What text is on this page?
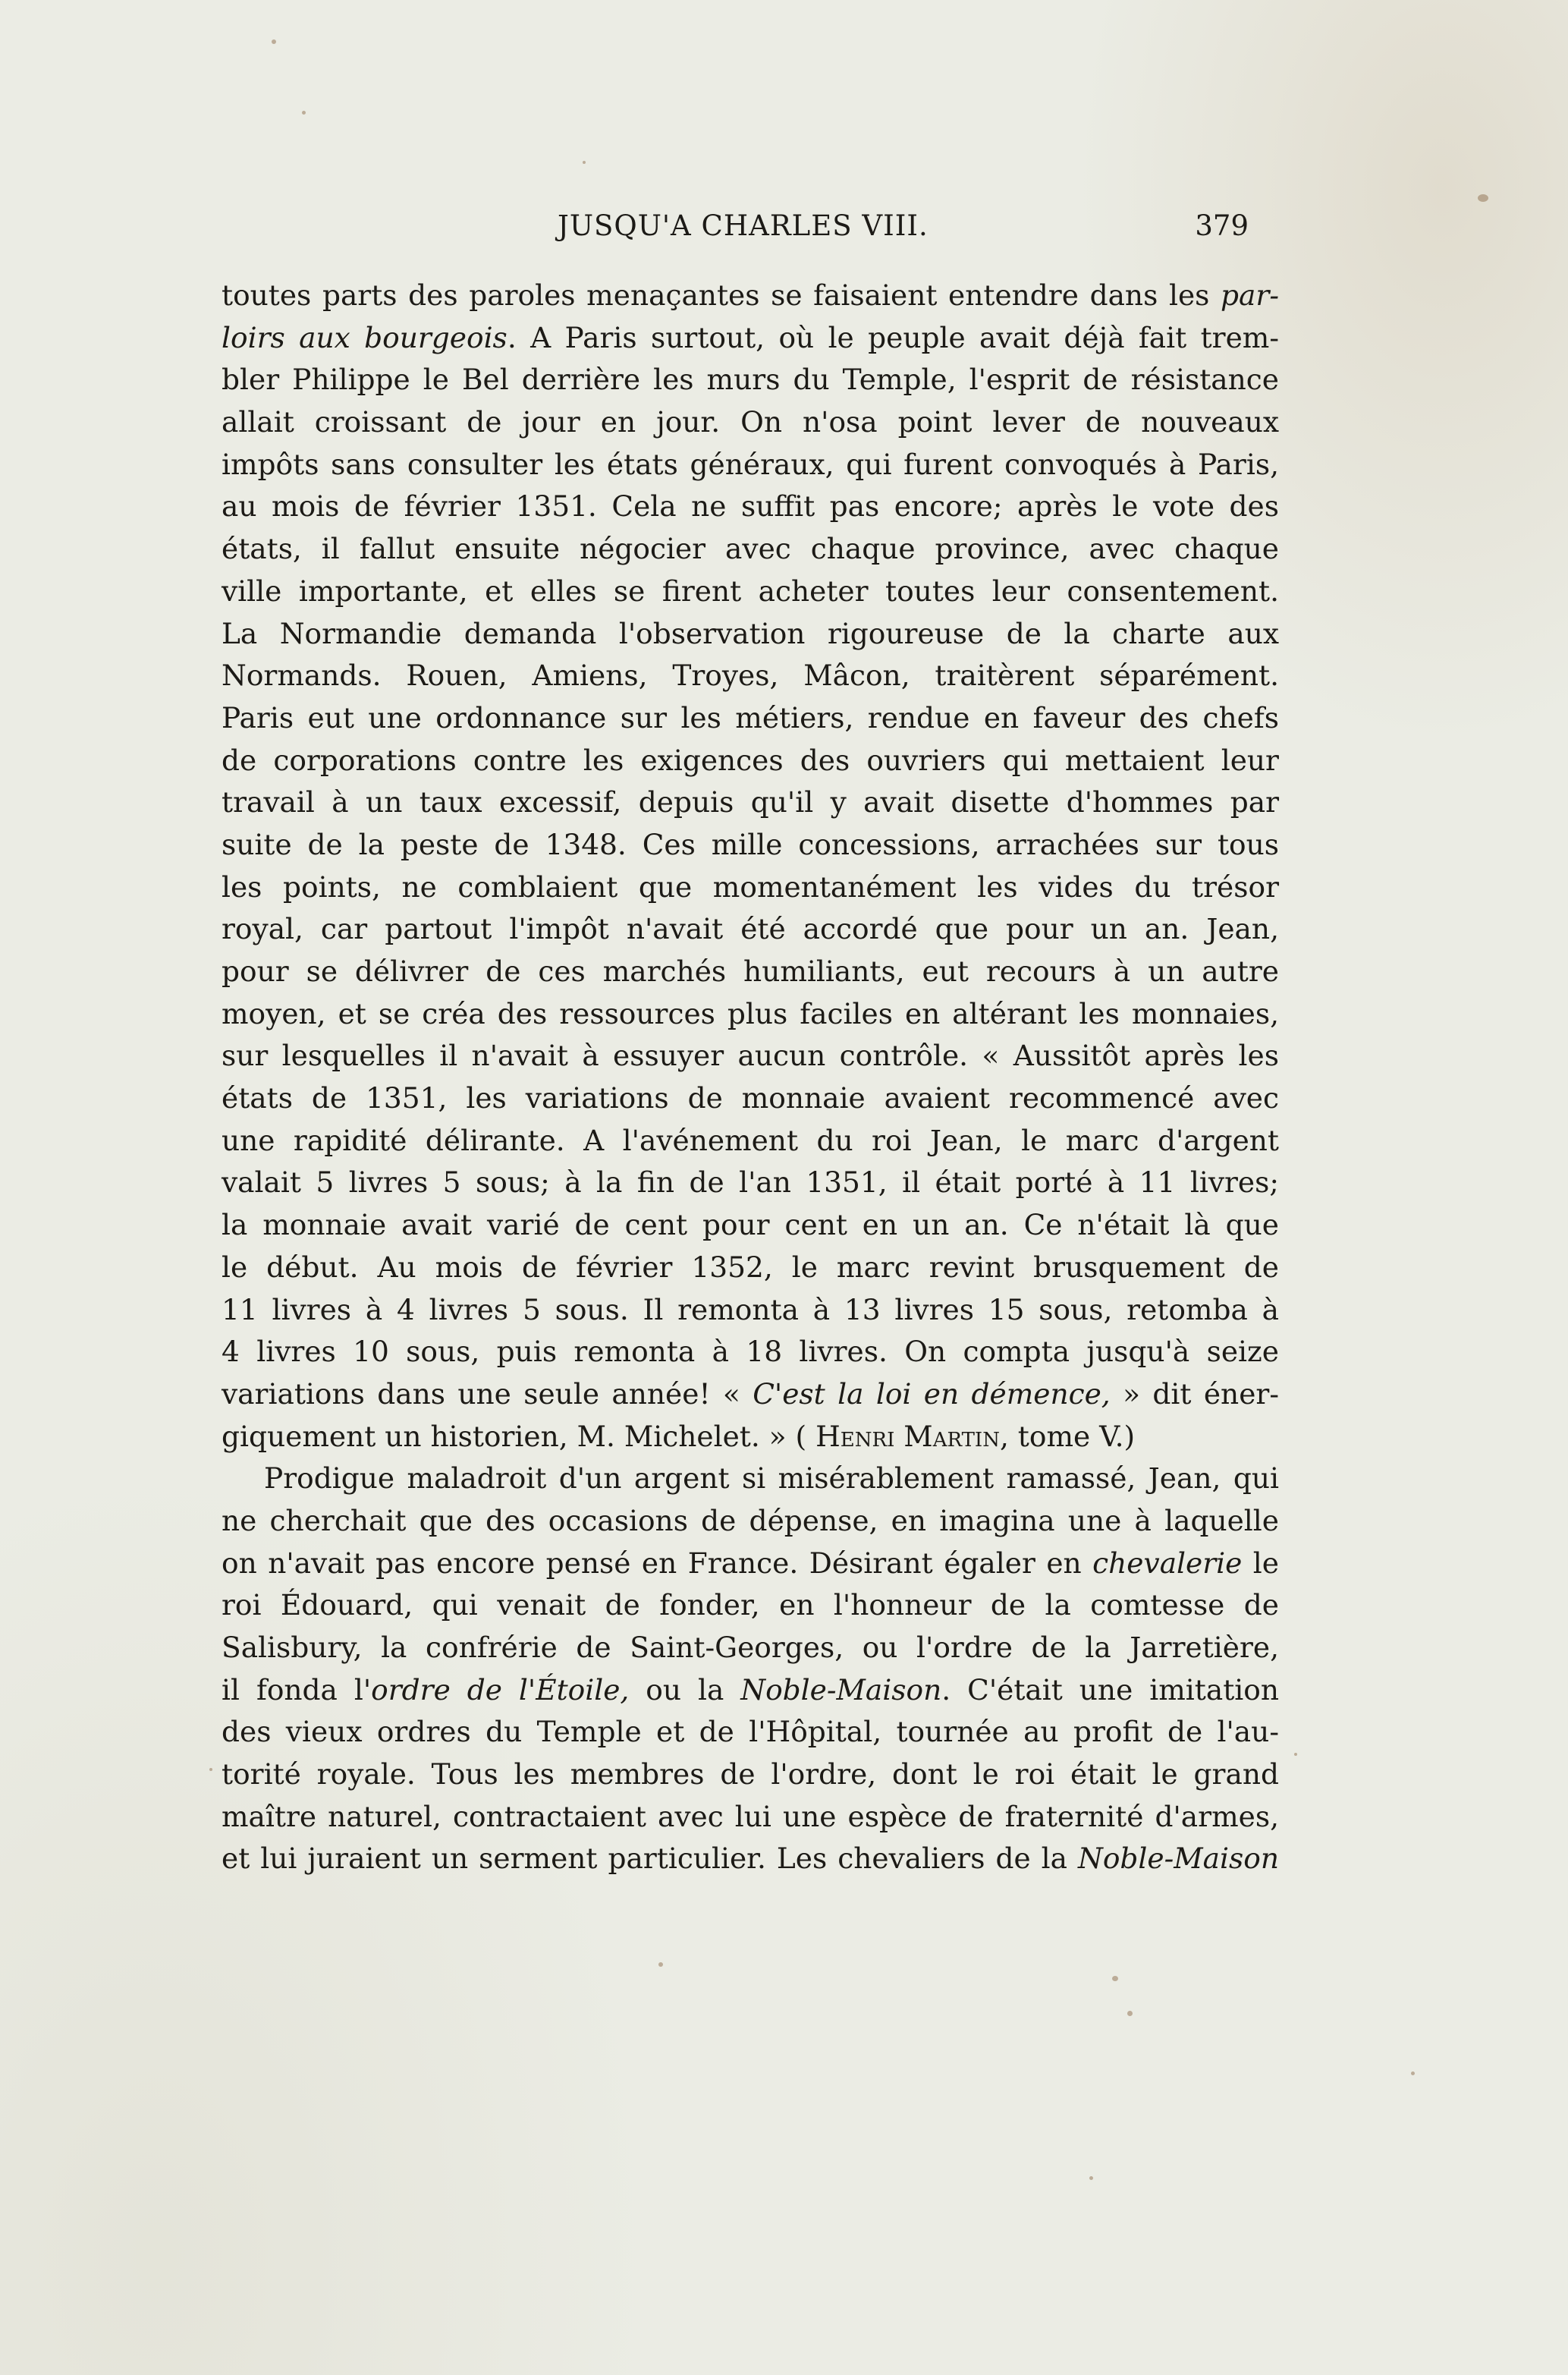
JUSQU'A CHARLES VIII.	379
toutes parts des paroles menaçantes se faisaient entendre dans les par-
loirs aux bourgeois. A Paris surtout, où le peuple avait déjà fait trem-
bler Philippe le Bel derrière les murs du Temple, l'esprit de résistance
allait croissant de jour en jour. On n'osa point lever de nouveaux
impôts sans consulter les états généraux, qui furent convoqués à Paris,
au mois de février 1351. Cela ne suffit pas encore; après le vote des
états, il fallut ensuite négocier avec chaque province, avec chaque
ville importante, et elles se firent acheter toutes leur consentement.
La Normandie demanda l'observation rigoureuse de la charte aux
Normands. Rouen, Amiens, Troyes, Mâcon, traitèrent séparément.
Paris eut une ordonnance sur les métiers, rendue en faveur des chefs
de corporations contre les exigences des ouvriers qui mettaient leur
travail à un taux excessif, depuis qu'il y avait disette d'hommes par
suite de la peste de 1348. Ces mille concessions, arrachées sur tous
les points, ne comblaient que momentanément les vides du trésor
royal, car partout l'impôt n'avait été accordé que pour un an. Jean,
pour se délivrer de ces marchés humiliants, eut recours à un autre
moyen, et se créa des ressources plus faciles en altérant les monnaies,
sur lesquelles il n'avait à essuyer aucun contrôle. « Aussitôt après les
états de 1351, les variations de monnaie avaient recommencé avec
une rapidité délirante. A l'avénement du roi Jean, le marc d'argent
valait 5 livres 5 sous; à la fin de l'an 1351, il était porté à 11 livres;
la monnaie avait varié de cent pour cent en un an. Ce n'était là que
le début. Au mois de février 1352, le marc revint brusquement de
11 livres à 4 livres 5 sous. Il remonta à 13 livres 15 sous, retomba à
4 livres 10 sous, puis remonta à 18 livres. On compta jusqu'à seize
variations dans une seule année! « C'est la loi en démence, » dit éner-
giquement un historien, M. Michelet. » ( Henri Martin, tome V.)
Prodigue maladroit d'un argent si misérablement ramassé, Jean, qui
ne cherchait que des occasions de dépense, en imagina une à laquelle
on n'avait pas encore pensé en France. Désirant égaler en chevalerie le
roi Édouard, qui venait de fonder, en l'honneur de la comtesse de
Salisbury, la confrérie de Saint-Georges, ou l'ordre de la Jarretière,
il fonda l'ordre de l'Étoile, ou la Noble-Maison. C'était une imitation
des vieux ordres du Temple et de l'Hôpital, tournée au profit de l'au-
torité royale. Tous les membres de l'ordre, dont le roi était le grand
maître naturel, contractaient avec lui une espèce de fraternité d'armes,
et lui juraient un serment particulier. Les chevaliers de la Noble-Maison
